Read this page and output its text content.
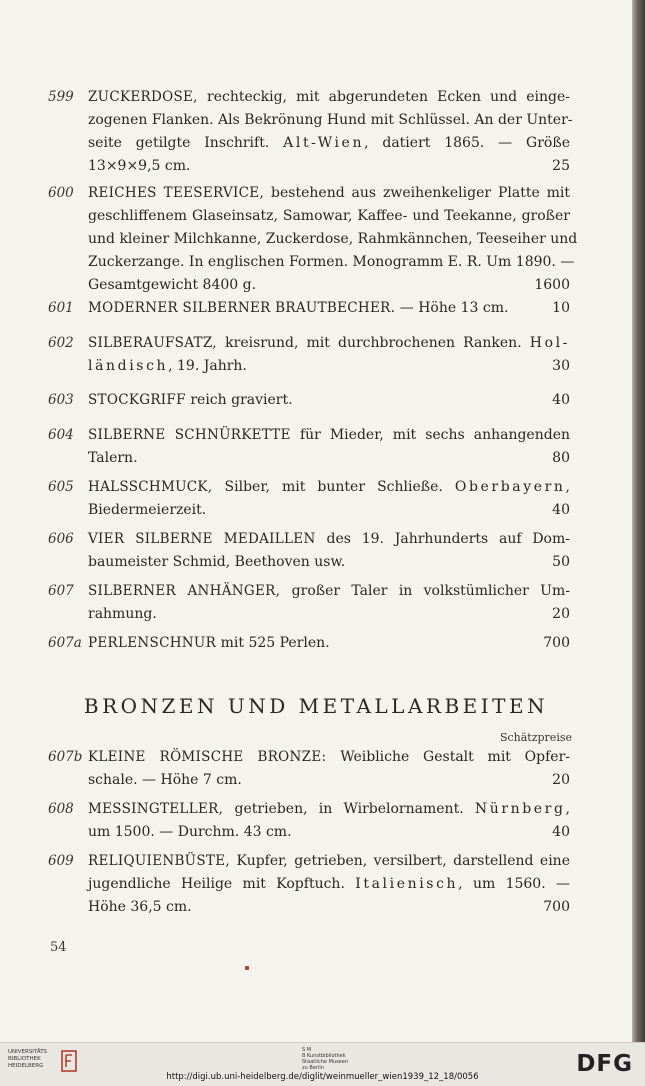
599	ZUCKERDOSE, rechteckig, mit abgerundeten Ecken und einge-
zogenen Flanken. Als Bekrönung Hund mit Schlüssel. An der Unter-
seite getilgte Inschrift. Alt-Wien, datiert 1865. — Größe
13×9×9,5 cm.	25
600	REICHES TEESERVICE, bestehend aus zweihenkeliger Platte mit
geschliffenem Glaseinsatz, Samowar, Kaffee- und Teekanne, großer
und kleiner Milchkanne, Zuckerdose, Rahmkännchen, Teeseiher und
Zuckerzange. In englischen Formen. Monogramm E. R. Um 1890. —
Gesamtgewicht 8400 g.	1600
601	MODERNER SILBERNER BRAUTBECHER. — Höhe 13 cm.	10
602	SILBERAUFSATZ, kreisrund, mit durchbrochenen Ranken. Hol-
ländisch, 19. Jahrh.	30
603	STOCKGRIFF reich graviert.	40
604	SILBERNE SCHNÜRKETTE für Mieder, mit sechs anhangenden
Talern.	80
605	HALSSCHMUCK, Silber, mit bunter Schließe. Oberbayern,
Biedermeierzeit.	40
606	VIER SILBERNE MEDAILLEN des 19. Jahrhunderts auf Dom-
baumeister Schmid, Beethoven usw.	50
607	SILBERNER ANHÄNGER, großer Taler in volkstümlicher Um-
rahmung.	20
607a PERLENSCHNUR mit 525 Perlen.	700
607b KLEINE RÖMISCHE BRONZE: Weibliche Gestalt mit Opfer-
schale. — Höhe 7 cm.	20
608	MESSINGTELLER, getrieben, in Wirbelornament. Nürnberg,
um 1500. — Durchm. 43 cm.	40
609	RELIQUIENBÜSTE, Kupfer, getrieben, versilbert, darstellend eine
jugendliche Heilige mit Kopftuch. Italienisch, um 1560. —
Höhe 36,5 cm.	700
BRONZEN UND METALLARBEITEN
Schätzpreise
54
UNIVERSITÄTS
BIBLIOTHEK
HEIDELBERG
S M
B Kunstbibliothek
Staatliche Museen
zu Berlin	DFG
http://digi.ub.uni-heidelberg.de/diglit/weinmueller_wien1939_12_18/0056
